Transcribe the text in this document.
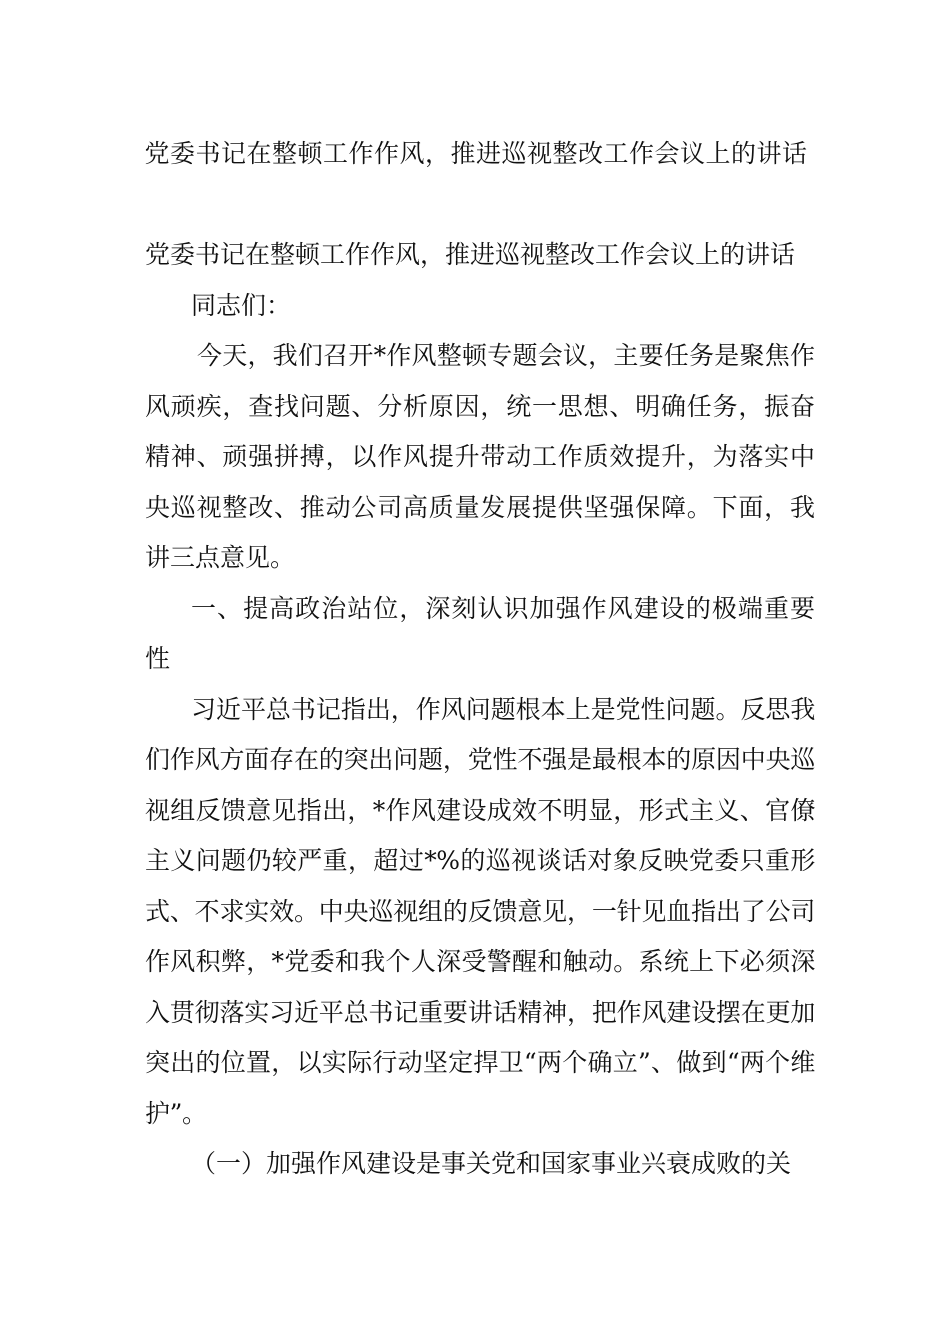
党委书记在整顿工作作风，推进巡视整改工作会议上的讲话

党委书记在整顿工作作风，推进巡视整改工作会议上的讲话

同志们：

今天，我们召开*作风整顿专题会议，主要任务是聚焦作风顽疾，查找问题、分析原因，统一思想、明确任务，振奋精神、顽强拼搏，以作风提升带动工作质效提升，为落实中央巡视整改、推动公司高质量发展提供坚强保障。下面，我讲三点意见。

一、提高政治站位，深刻认识加强作风建设的极端重要性

习近平总书记指出，作风问题根本上是党性问题。反思我们作风方面存在的突出问题，党性不强是最根本的原因中央巡视组反馈意见指出，*作风建设成效不明显，形式主义、官僚主义问题仍较严重，超过*%的巡视谈话对象反映党委只重形式、不求实效。中央巡视组的反馈意见，一针见血指出了公司作风积弊，*党委和我个人深受警醒和触动。系统上下必须深入贯彻落实习近平总书记重要讲话精神，把作风建设摆在更加突出的位置，以实际行动坚定捍卫“两个确立”、做到“两个维护”。

（一）加强作风建设是事关党和国家事业兴衰成败的关
